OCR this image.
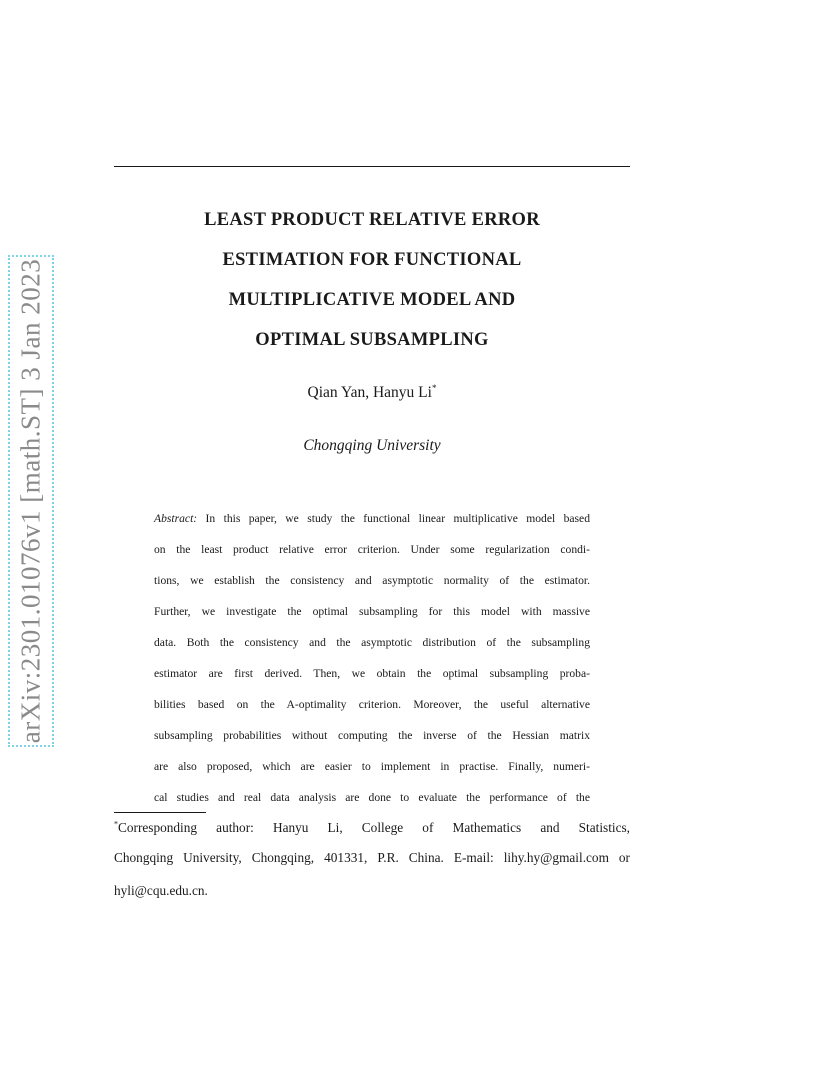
arXiv:2301.01076v1 [math.ST] 3 Jan 2023
LEAST PRODUCT RELATIVE ERROR
ESTIMATION FOR FUNCTIONAL
MULTIPLICATIVE MODEL AND
OPTIMAL SUBSAMPLING
Qian Yan, Hanyu Li*
Chongqing University
Abstract: In this paper, we study the functional linear multiplicative model based
on the least product relative error criterion. Under some regularization condi-
tions, we establish the consistency and asymptotic normality of the estimator.
Further, we investigate the optimal subsampling for this model with massive
data. Both the consistency and the asymptotic distribution of the subsampling
estimator are first derived. Then, we obtain the optimal subsampling proba-
bilities based on the A-optimality criterion. Moreover, the useful alternative
subsampling probabilities without computing the inverse of the Hessian matrix
are also proposed, which are easier to implement in practise. Finally, numeri-
cal studies and real data analysis are done to evaluate the performance of the
*Corresponding author: Hanyu Li, College of Mathematics and Statistics,
Chongqing University, Chongqing, 401331, P.R. China. E-mail: lihy.hy@gmail.com or
hyli@cqu.edu.cn.
